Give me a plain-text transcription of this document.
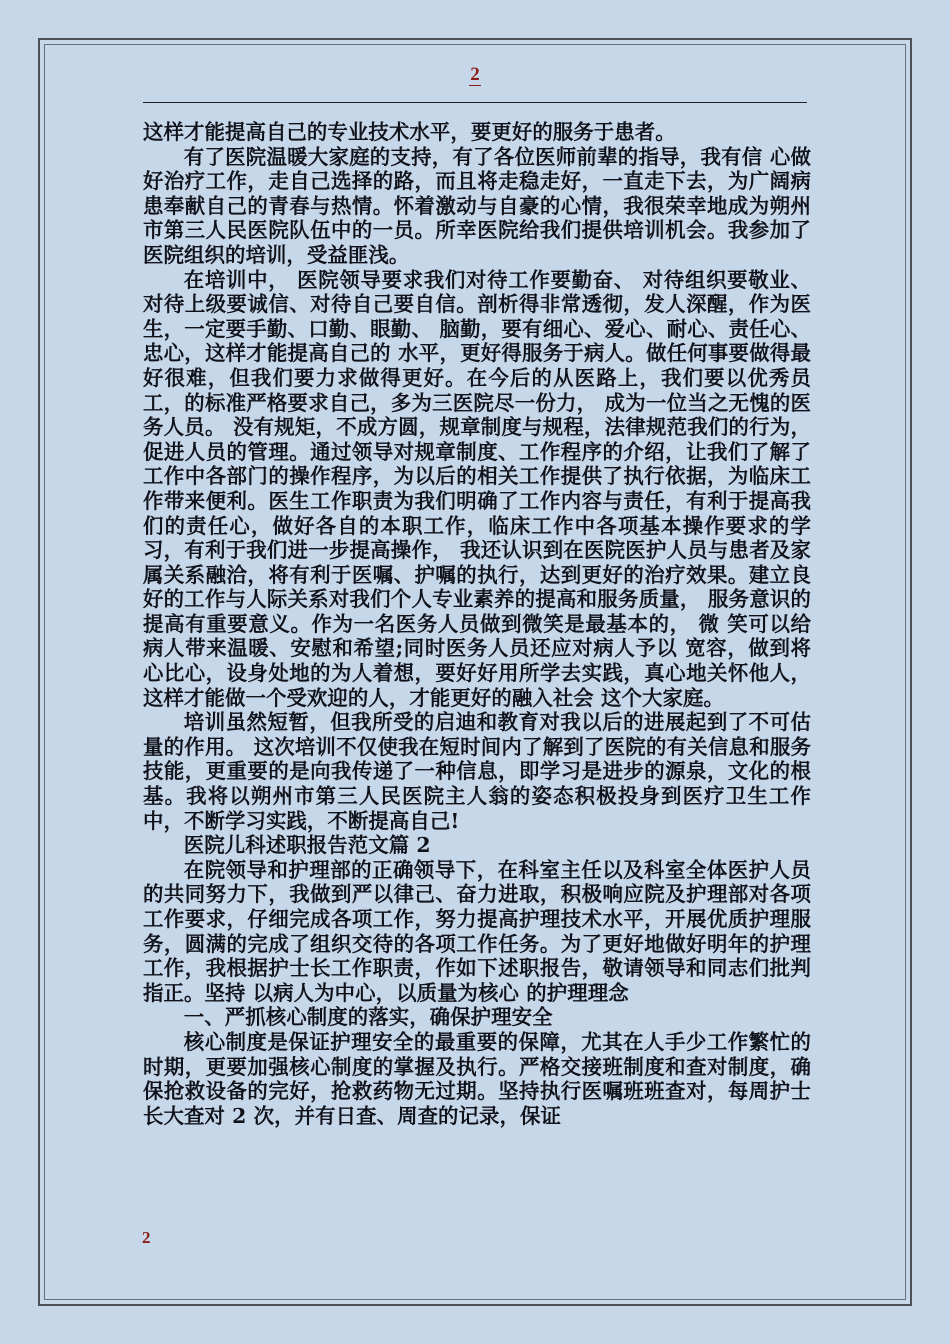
2

这样才能提高自己的专业技术水平，要更好的服务于患者。

有了医院温暖大家庭的支持，有了各位医师前辈的指导，我有信 心做好治疗工作，走自己选择的路，而且将走稳走好，一直走下去，为广阔病患奉献自己的青春与热情。怀着激动与自豪的心情，我很荣幸地成为朔州市第三人民医院队伍中的一员。所幸医院给我们提供培训机会。我参加了医院组织的培训，受益匪浅。

在培训中， 医院领导要求我们对待工作要勤奋、 对待组织要敬业、对待上级要诚信、对待自己要自信。剖析得非常透彻，发人深醒，作为医生，一定要手勤、口勤、眼勤、 脑勤，要有细心、爱心、耐心、责任心、忠心，这样才能提高自己的 水平，更好得服务于病人。做任何事要做得最好很难，但我们要力求做得更好。在今后的从医路上，我们要以优秀员工，的标准严格要求自己，多为三医院尽一份力， 成为一位当之无愧的医务人员。 没有规矩，不成方圆，规章制度与规程，法律规范我们的行为，促进人员的管理。通过领导对规章制度、工作程序的介绍，让我们了解了工作中各部门的操作程序，为以后的相关工作提供了执行依据，为临床工作带来便利。医生工作职责为我们明确了工作内容与责任，有利于提高我们的责任心，做好各自的本职工作，临床工作中各项基本操作要求的学习，有利于我们进一步提高操作， 我还认识到在医院医护人员与患者及家属关系融洽，将有利于医嘱、护嘱的执行，达到更好的治疗效果。建立良好的工作与人际关系对我们个人专业素养的提高和服务质量， 服务意识的提高有重要意义。作为一名医务人员做到微笑是最基本的， 微 笑可以给病人带来温暖、安慰和希望;同时医务人员还应对病人予以 宽容，做到将心比心，设身处地的为人着想，要好好用所学去实践，真心地关怀他人，这样才能做一个受欢迎的人，才能更好的融入社会 这个大家庭。

培训虽然短暂，但我所受的启迪和教育对我以后的进展起到了不可估量的作用。 这次培训不仅使我在短时间内了解到了医院的有关信息和服务技能，更重要的是向我传递了一种信息，即学习是进步的源泉，文化的根基。我将以朔州市第三人民医院主人翁的姿态积极投身到医疗卫生工作中，不断学习实践，不断提高自己!

医院儿科述职报告范文篇 2

在院领导和护理部的正确领导下，在科室主任以及科室全体医护人员的共同努力下，我做到严以律己、奋力进取，积极响应院及护理部对各项工作要求，仔细完成各项工作，努力提高护理技术水平，开展优质护理服务，圆满的完成了组织交待的各项工作任务。为了更好地做好明年的护理工作，我根据护士长工作职责，作如下述职报告，敬请领导和同志们批判指正。坚持 以病人为中心，以质量为核心 的护理理念

一、严抓核心制度的落实，确保护理安全

核心制度是保证护理安全的最重要的保障，尤其在人手少工作繁忙的时期，更要加强核心制度的掌握及执行。严格交接班制度和查对制度，确保抢救设备的完好，抢救药物无过期。坚持执行医嘱班班查对，每周护士长大查对 2 次，并有日查、周查的记录，保证

2
